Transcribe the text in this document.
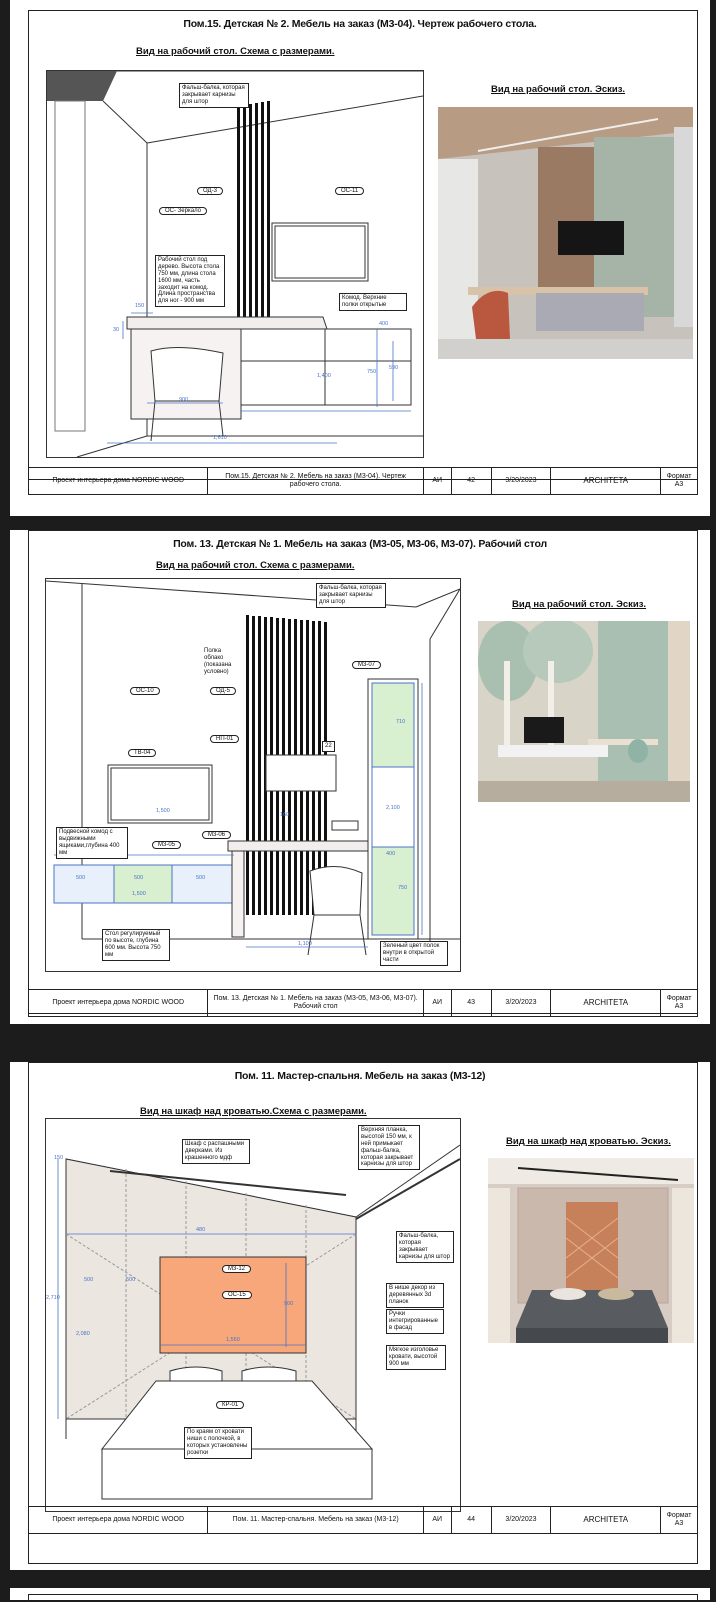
Пом.15. Детская № 2. Мебель на заказ (М3-04). Чертеж рабочего стола.
Вид на рабочий стол. Схема с размерами.
Вид на рабочий стол. Эскиз.
Фальш-балка, которая закрывает карнизы для штор
ОД-3	ОС-11
ОС- Зеркало
Рабочий стол под дерево. Высота стола 750 мм, длина стола 1600 мм, часть заходит на комод. Длина пространства для ног - 900 мм
Комод. Верхние полки открытые
150
30
1,400
900
1,610
750
590
400
Проект интерьера дома NORDIC WOOD
Пом.15. Детская № 2. Мебель на заказ (М3-04). Чертеж рабочего стола.
АИ	42	3/20/2023	ARCHITETA	Формат А3
Пом. 13. Детская № 1. Мебель на заказ (М3-05, М3-06, М3-07). Рабочий стол
Вид на рабочий стол. Схема с размерами.
Вид на рабочий стол. Эскиз.
Фальш-балка, которая закрывает карнизы для штор
М3-07
Полка облако (показана условно)
ОС-10	ОД-5
НП-01
ТВ-04
22
М3-06
М3-05
Подвесной комод с выдвижными ящиками,глубина 400 мм
Стол регулируемый по высоте, глубина 600 мм. Высота 750 мм
Зеленый цвет полок внутри в открытой части
1,500
500	500	500
1,500
710
750
400
2,100
1,100
160
Проект интерьера дома NORDIC WOOD
Пом. 13. Детская № 1. Мебель на заказ (М3-05, М3-06, М3-07). Рабочий стол
АИ	43	3/20/2023	ARCHITETA	Формат А3
Пом. 11. Мастер-спальня. Мебель на заказ (М3-12)
Вид на шкаф над кроватью.Схема с размерами.
Вид на шкаф над кроватью. Эскиз.
Шкаф с распашными дверками. Из крашенного мдф
Верхняя планка, высотой 150 мм, к ней примыкает фальш-балка, которая закрывает карнизы для штор
Фальш-балка, которая закрывает карнизы для штор
М3-12
ОС-15
В нише декор из деревянных 3d планок
Ручки интегрированные в фасад
Мягкое изголовье кровати, высотой 900 мм
КР-01
По краям от кровати ниши с полочкой, в которых установлены розетки
1,550
2,710
2,080
900
150
500	500
480
Проект интерьера дома NORDIC WOOD	Пом. 11. Мастер-спальня. Мебель на заказ (М3-12)	АИ	44	3/20/2023	ARCHITETA	Формат А3
